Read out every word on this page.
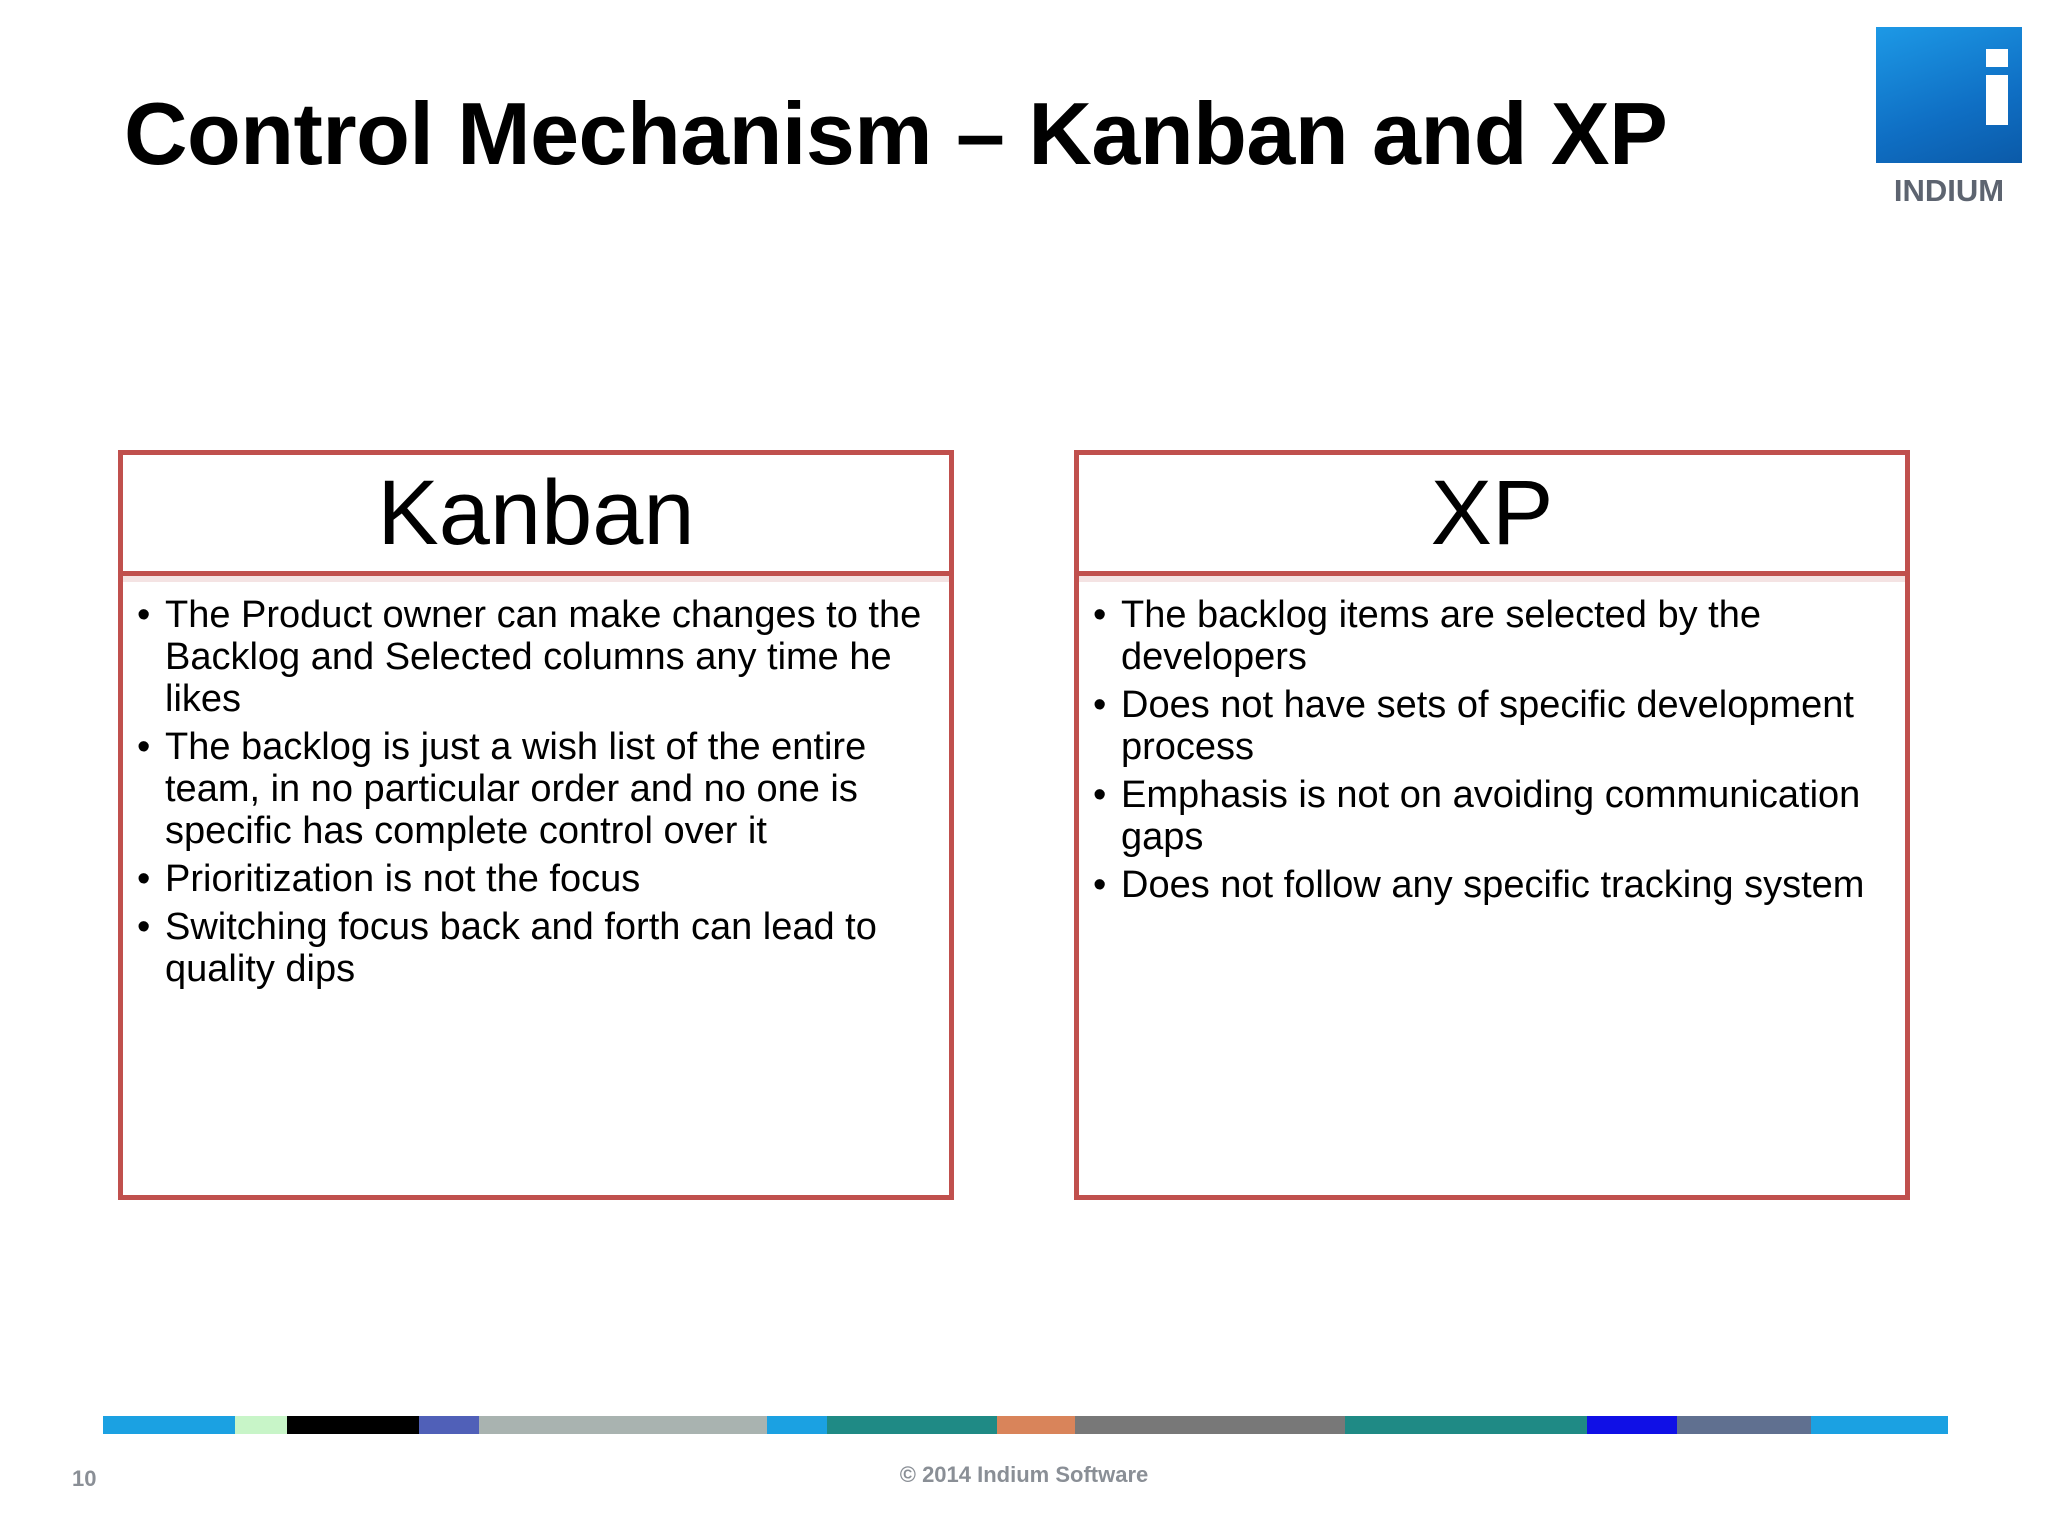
Control Mechanism – Kanban and XP
INDIUM
Kanban
• The Product owner can make changes to the Backlog and Selected columns any time he likes
• The backlog is just a wish list of the entire team, in no particular order and no one is specific has complete control over it
• Prioritization is not the focus
• Switching focus back and forth can lead to quality dips
XP
• The backlog items are selected by the developers
• Does not have sets of specific development process
• Emphasis is not on avoiding communication gaps
• Does not follow any specific tracking system
10	© 2014 Indium Software
